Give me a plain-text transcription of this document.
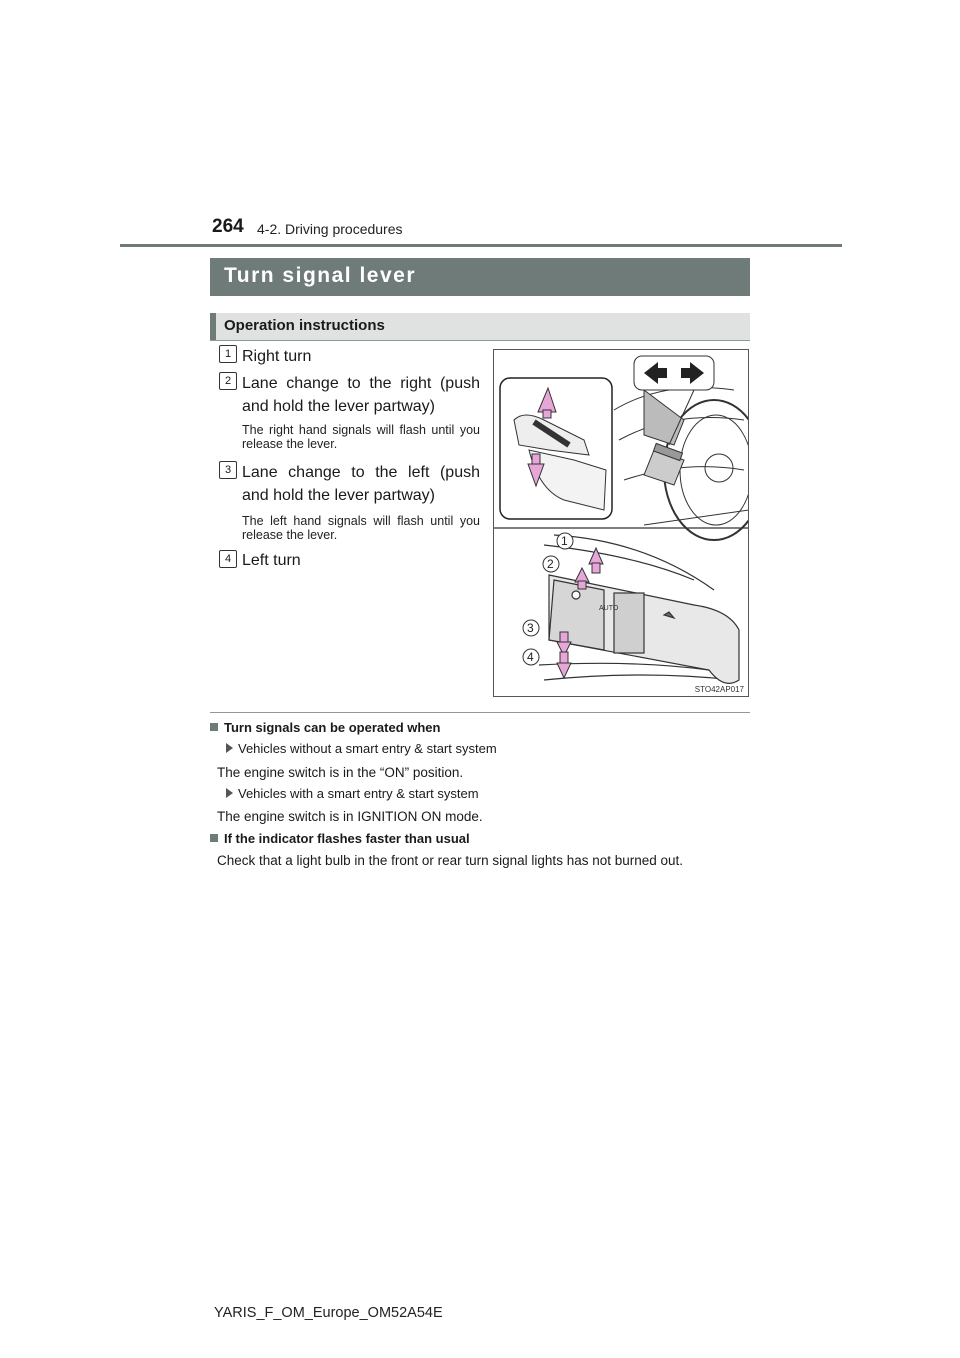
264 4-2. Driving procedures
Turn signal lever
Operation instructions
1 Right turn
2 Lane change to the right (push and hold the lever partway)
The right hand signals will flash until you release the lever.
3 Lane change to the left (push and hold the lever partway)
The left hand signals will flash until you release the lever.
4 Left turn
AUTO
1
2
3
4
STO42AP017
Turn signals can be operated when
Vehicles without a smart entry & start system
The engine switch is in the “ON” position.
Vehicles with a smart entry & start system
The engine switch is in IGNITION ON mode.
If the indicator flashes faster than usual
Check that a light bulb in the front or rear turn signal lights has not burned out.
YARIS_F_OM_Europe_OM52A54E
